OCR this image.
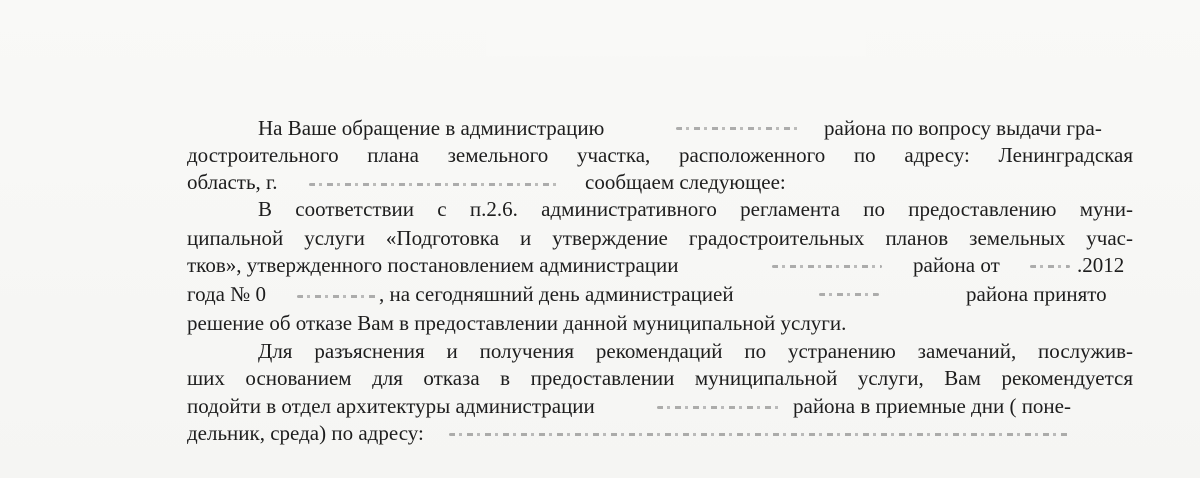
На Ваше обращение в администрацию	района по вопросу выдачи гра-
достроительного плана земельного участка, расположенного по адресу: Ленинградская
область, г.	сообщаем следующее:
В соответствии с п.2.6. административного регламента по предоставлению муни-
ципальной услуги «Подготовка и утверждение градостроительных планов земельных учас-
тков», утвержденного постановлением администрации	района от	.2012
года № 0	, на сегодняшний день администрацией	района принято
решение об отказе Вам в предоставлении данной муниципальной услуги.
Для разъяснения и получения рекомендаций по устранению замечаний, послужив-
ших основанием для отказа в предоставлении муниципальной услуги, Вам рекомендуется
подойти в отдел архитектуры администрации	района в приемные дни ( поне-
дельник, среда) по адресу:
